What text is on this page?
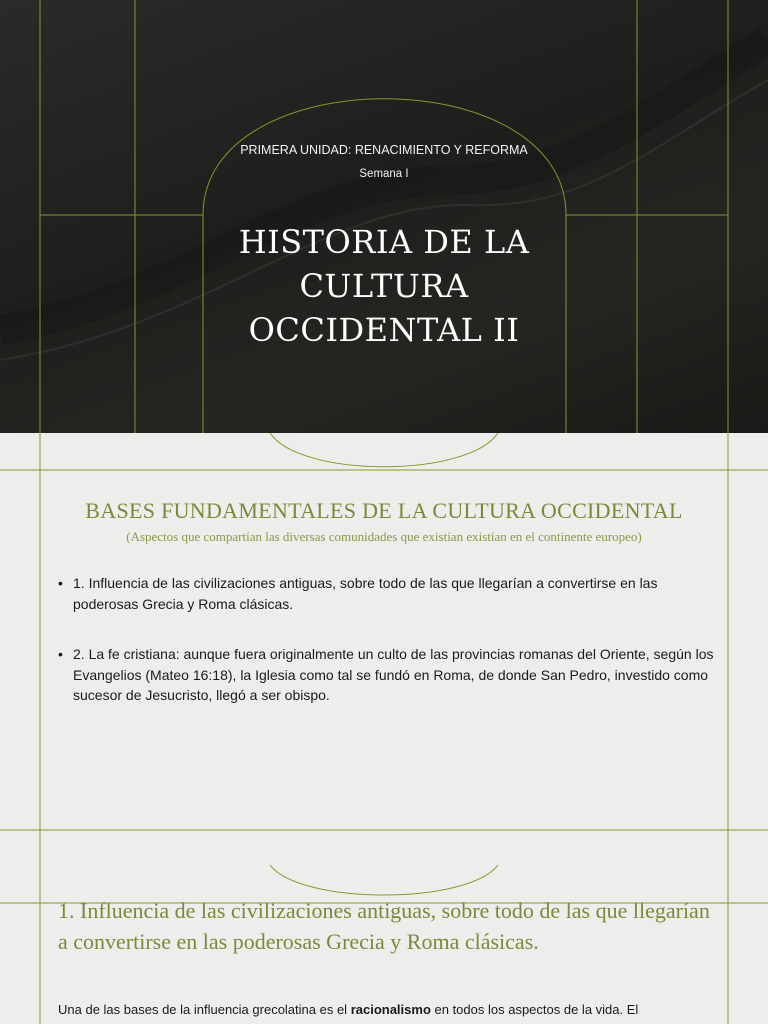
PRIMERA UNIDAD: RENACIMIENTO Y REFORMA
Semana I
HISTORIA DE LA
CULTURA
OCCIDENTAL II
BASES FUNDAMENTALES DE LA CULTURA OCCIDENTAL
(Aspectos que compartían las diversas comunidades que existían existían en el continente europeo)
• 1. Influencia de las civilizaciones antiguas, sobre todo de las que llegarían a convertirse en las poderosas Grecia y Roma clásicas.
• 2. La fe cristiana: aunque fuera originalmente un culto de las provincias romanas del Oriente, según los Evangelios (Mateo 16:18), la Iglesia como tal se fundó en Roma, de donde San Pedro, investido como sucesor de Jesucristo, llegó a ser obispo.
1. Influencia de las civilizaciones antiguas, sobre todo de las que llegarían a convertirse en las poderosas Grecia y Roma clásicas.
Una de las bases de la influencia grecolatina es el racionalismo en todos los aspectos de la vida. El
